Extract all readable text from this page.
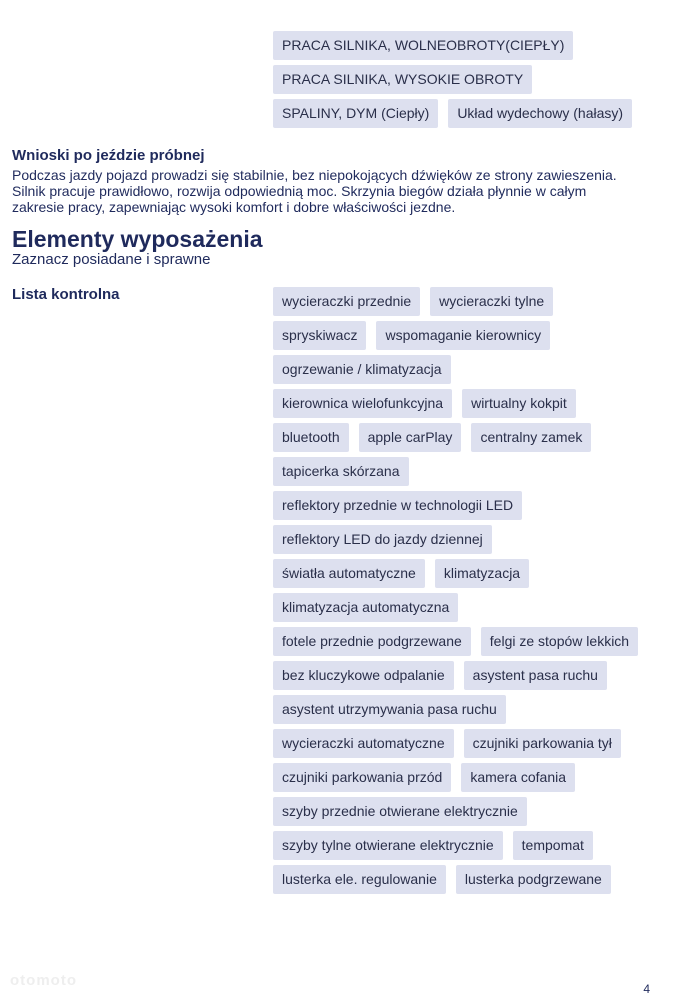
PRACA SILNIKA, WOLNEOBROTY(CIEPŁY)
PRACA SILNIKA, WYSOKIE OBROTY
SPALINY, DYM (Ciepły)	Układ wydechowy (hałasy)
Wnioski po jeździe próbnej
Podczas jazdy pojazd prowadzi się stabilnie, bez niepokojących dźwięków ze strony zawieszenia. Silnik pracuje prawidłowo, rozwija odpowiednią moc. Skrzynia biegów działa płynnie w całym zakresie pracy, zapewniając wysoki komfort i dobre właściwości jezdne.
Elementy wyposażenia
Zaznacz posiadane i sprawne
Lista kontrolna	wycieraczki przednie	wycieraczki tylne
spryskiwacz	wspomaganie kierownicy
ogrzewanie / klimatyzacja
kierownica wielofunkcyjna	wirtualny kokpit
bluetooth	apple carPlay	centralny zamek
tapicerka skórzana
reflektory przednie w technologii LED
reflektory LED do jazdy dziennej
światła automatyczne	klimatyzacja
klimatyzacja automatyczna
fotele przednie podgrzewane	felgi ze stopów lekkich
bez kluczykowe odpalanie	asystent pasa ruchu
asystent utrzymywania pasa ruchu
wycieraczki automatyczne	czujniki parkowania tył
czujniki parkowania przód	kamera cofania
szyby przednie otwierane elektrycznie
szyby tylne otwierane elektrycznie	tempomat
lusterka ele. regulowanie	lusterka podgrzewane
otomoto	4
